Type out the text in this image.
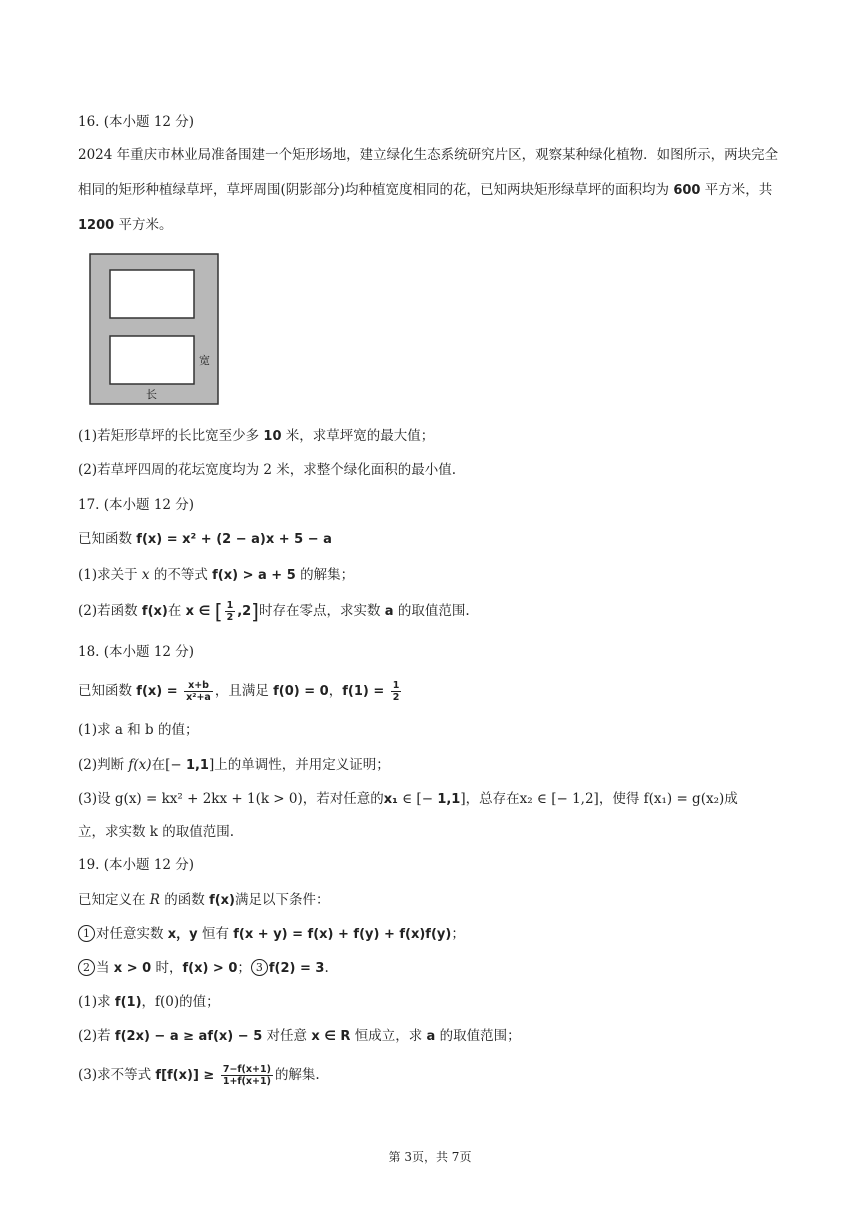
16. (本小题 12 分)
2024 年重庆市林业局准备围建一个矩形场地，建立绿化生态系统研究片区，观察某种绿化植物．如图所示，两块完全相同的矩形种植绿草坪，草坪周围(阴影部分)均种植宽度相同的花，已知两块矩形绿草坪的面积均为 600 平方米，共 1200 平方米。
宽
长
(1)若矩形草坪的长比宽至少多 10 米，求草坪宽的最大值；
(2)若草坪四周的花坛宽度均为 2 米，求整个绿化面积的最小值.
17. (本小题 12 分)
已知函数 f(x) = x² + (2 − a)x + 5 − a
(1)求关于 x 的不等式 f(x) > a + 5 的解集；
(2)若函数 f(x)在 x ∈ [ $\frac{1}{2} ,2$]时存在零点，求实数 a 的取值范围.
18. (本小题 12 分)
已知函数 $f(x) = \frac{x+b}{\text{x²+a}}$ ，且满足 f(0) = 0，$f(1) = \frac{1}{2}$
(1)求 a 和 b 的值；
(2)判断 f(x)在[− 1,1]上的单调性，并用定义证明；
(3)设 g(x) = kx² + 2kx + 1(k > 0)，若对任意的x₁ ∈ [− 1,1]，总存在x₂ ∈ [− 1,2]，使得 f(x₁) = g(x₂)成
立，求实数 k 的取值范围.
19. (本小题 12 分)
已知定义在 R 的函数 f(x)满足以下条件：
1 对任意实数 x，y 恒有 f(x + y) = f(x) + f(y) + f(x)f(y)；
2 当 x > 0 时，f(x) > 0； 3 f(2) = 3.
(1)求 f(1)，f(0)的值；
(2)若 f(2x) − a ≥ af(x) − 5 对任意 x ∈ R 恒成立，求 a 的取值范围；
(3)求不等式 $f[f(x)] \ge \frac{7-f(x+1)}{1+f(x+1)}$ 的解集.
第 3页，共 7页
